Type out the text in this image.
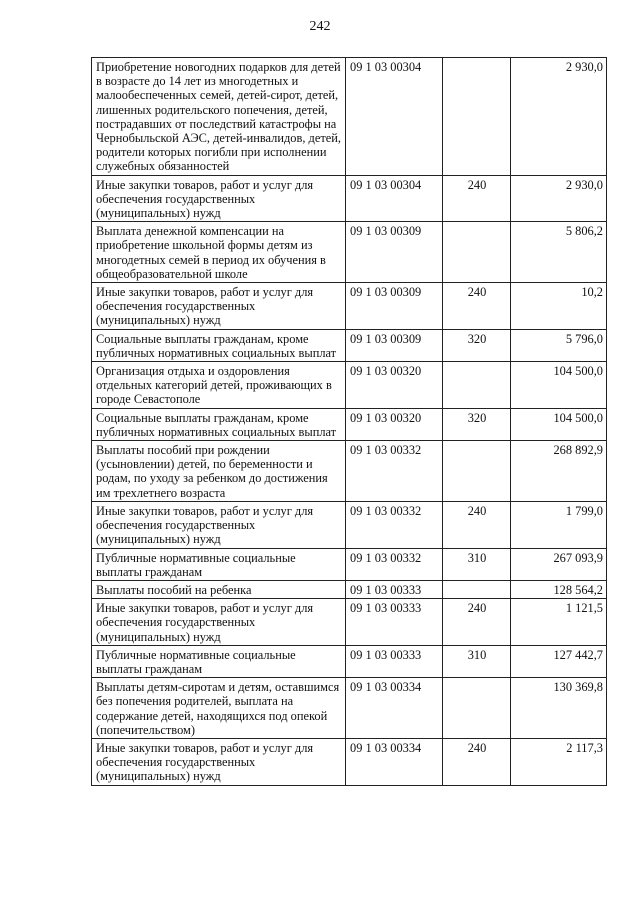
242
Приобретение новогодних подарков для детей в возрасте до 14 лет из многодетных и малообеспеченных семей, детей-сирот, детей, лишенных родительского попечения, детей, пострадавших от последствий катастрофы на Чернобыльской АЭС, детей-инвалидов, детей, родители которых погибли при исполнении служебных обязанностей	09 1 03 00304		2 930,0
Иные закупки товаров, работ и услуг для обеспечения государственных (муниципальных) нужд	09 1 03 00304	240	2 930,0
Выплата денежной компенсации на приобретение школьной формы детям из многодетных семей в период их обучения в общеобразовательной школе	09 1 03 00309		5 806,2
Иные закупки товаров, работ и услуг для обеспечения государственных (муниципальных) нужд	09 1 03 00309	240	10,2
Социальные выплаты гражданам, кроме публичных нормативных социальных выплат	09 1 03 00309	320	5 796,0
Организация отдыха и оздоровления отдельных категорий детей, проживающих в городе Севастополе	09 1 03 00320		104 500,0
Социальные выплаты гражданам, кроме публичных нормативных социальных выплат	09 1 03 00320	320	104 500,0
Выплаты пособий при рождении (усыновлении) детей, по беременности и родам, по уходу за ребенком до достижения им трехлетнего возраста	09 1 03 00332		268 892,9
Иные закупки товаров, работ и услуг для обеспечения государственных (муниципальных) нужд	09 1 03 00332	240	1 799,0
Публичные нормативные социальные выплаты гражданам	09 1 03 00332	310	267 093,9
Выплаты пособий на ребенка	09 1 03 00333		128 564,2
Иные закупки товаров, работ и услуг для обеспечения государственных (муниципальных) нужд	09 1 03 00333	240	1 121,5
Публичные нормативные социальные выплаты гражданам	09 1 03 00333	310	127 442,7
Выплаты детям-сиротам и детям, оставшимся без попечения родителей, выплата на содержание детей, находящихся под опекой (попечительством)	09 1 03 00334		130 369,8
Иные закупки товаров, работ и услуг для обеспечения государственных (муниципальных) нужд	09 1 03 00334	240	2 117,3
